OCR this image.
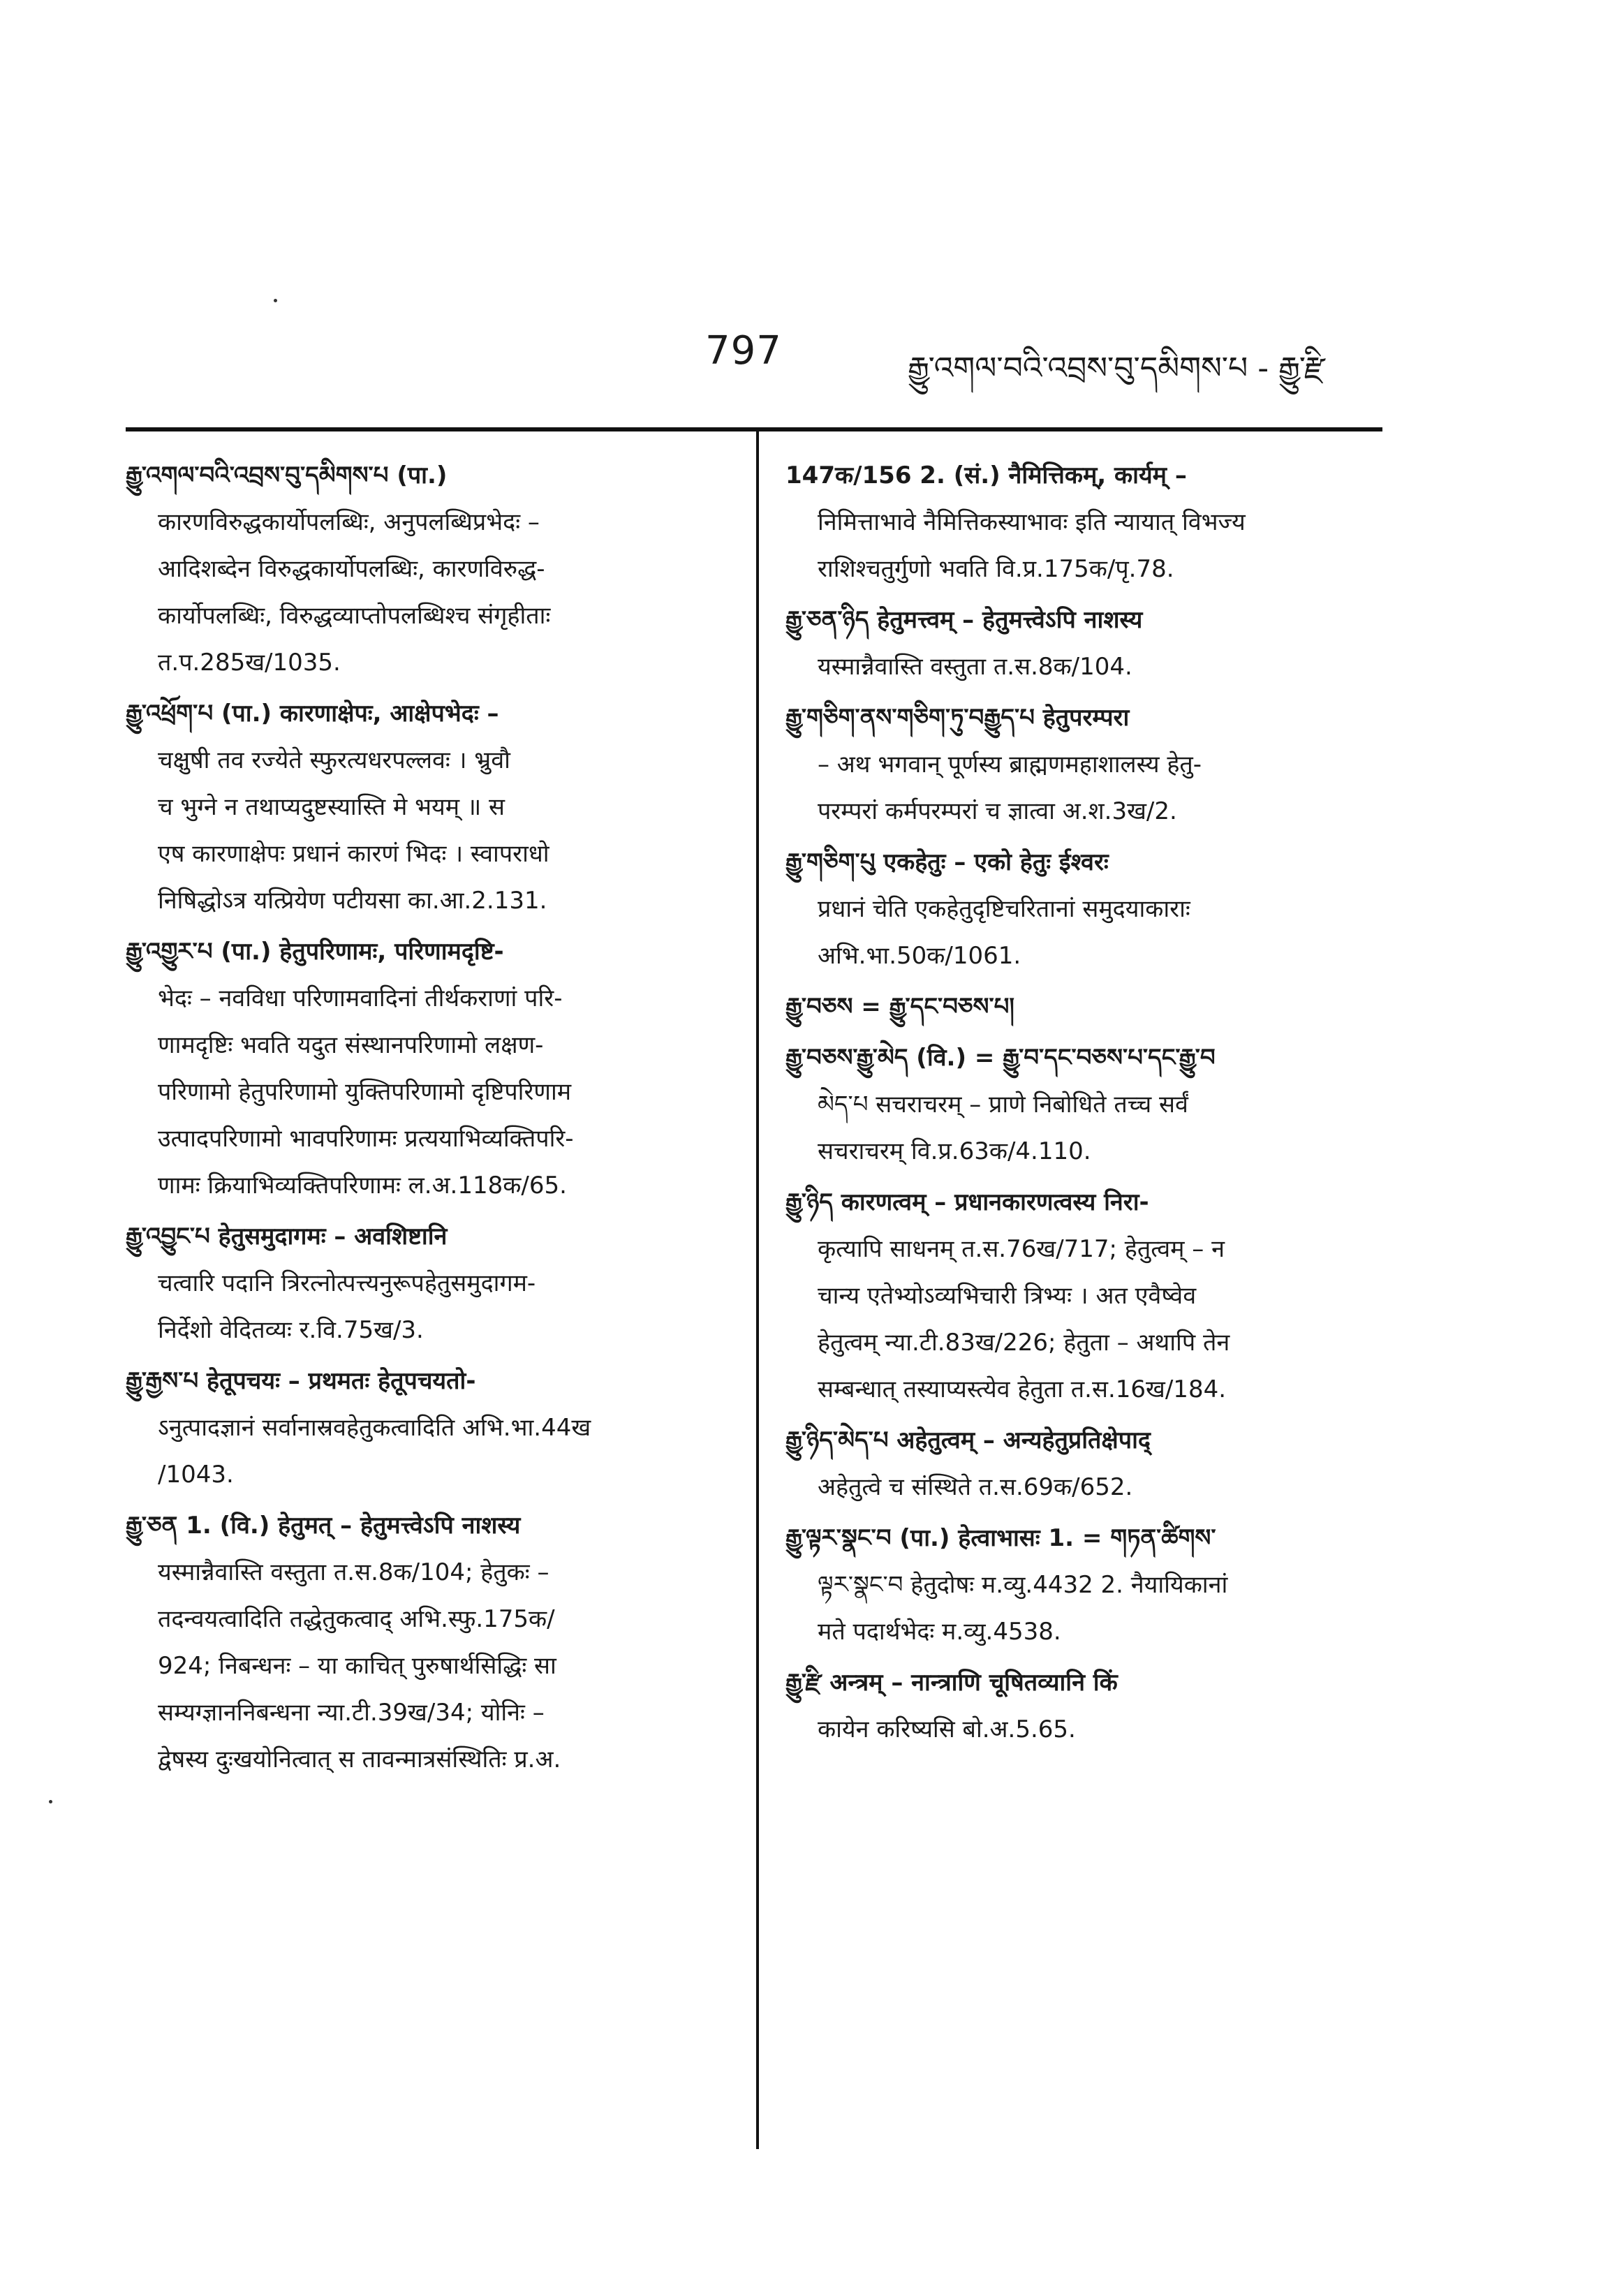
797	རྒྱུ་འགལ་བའི་འབྲས་བུ་དམིགས་པ - རྒྱུ་རྫི
རྒྱུ་འགལ་བའི་འབྲས་བུ་དམིགས་པ (पा.)
कारणविरुद्धकार्योपलब्धिः, अनुपलब्धिप्रभेदः –
आदिशब्देन विरुद्धकार्योपलब्धिः, कारणविरुद्ध-
कार्योपलब्धिः, विरुद्धव्याप्तोपलब्धिश्च संगृहीताः
त.प.285ख/1035.
རྒྱུ་འཕྲོག་པ (पा.) कारणाक्षेपः, आक्षेपभेदः –
चक्षुषी तव रज्येते स्फुरत्यधरपल्लवः । भ्रुवौ
च भुग्ने न तथाप्यदुष्टस्यास्ति मे भयम् ॥ स
एष कारणाक्षेपः प्रधानं कारणं भिदः । स्वापराधो
निषिद्धोऽत्र यत्प्रियेण पटीयसा का.आ.2.131.
རྒྱུ་འགྱུར་པ (पा.) हेतुपरिणामः, परिणामदृष्टि-
भेदः – नवविधा परिणामवादिनां तीर्थकराणां परि-
णामदृष्टिः भवति यदुत संस्थानपरिणामो लक्षण-
परिणामो हेतुपरिणामो युक्तिपरिणामो दृष्टिपरिणाम
उत्पादपरिणामो भावपरिणामः प्रत्ययाभिव्यक्तिपरि-
णामः क्रियाभिव्यक्तिपरिणामः ल.अ.118क/65.
རྒྱུ་འབྱུང་པ हेतुसमुदागमः – अवशिष्टानि
चत्वारि पदानि त्रिरत्नोत्पत्त्यनुरूपहेतुसमुदागम-
निर्देशो वेदितव्यः र.वि.75ख/3.
རྒྱུ་རྒྱས་པ हेतूपचयः – प्रथमतः हेतूपचयतो-
ऽनुत्पादज्ञानं सर्वानास्रवहेतुकत्वादिति अभि.भा.44ख
/1043.
རྒྱུ་ཅན 1. (वि.) हेतुमत् – हेतुमत्त्वेऽपि नाशस्य
यस्मान्नैवास्ति वस्तुता त.स.8क/104; हेतुकः –
तदन्वयत्वादिति तद्धेतुकत्वाद् अभि.स्फु.175क/
924; निबन्धनः – या काचित् पुरुषार्थसिद्धिः सा
सम्यग्ज्ञाननिबन्धना न्या.टी.39ख/34; योनिः –
द्वेषस्य दुःखयोनित्वात् स तावन्मात्रसंस्थितिः प्र.अ.
147क/156 2. (सं.) नैमित्तिकम्, कार्यम् –
निमित्ताभावे नैमित्तिकस्याभावः इति न्यायात् विभज्य
राशिश्चतुर्गुणो भवति वि.प्र.175क/पृ.78.
རྒྱུ་ཅན་ཉིད हेतुमत्त्वम् – हेतुमत्त्वेऽपि नाशस्य
यस्मान्नैवास्ति वस्तुता त.स.8क/104.
རྒྱུ་གཅིག་ནས་གཅིག་ཏུ་བརྒྱུད་པ हेतुपरम्परा
– अथ भगवान् पूर्णस्य ब्राह्मणमहाशालस्य हेतु-
परम्परां कर्मपरम्परां च ज्ञात्वा अ.श.3ख/2.
རྒྱུ་གཅིག་པུ एकहेतुः – एको हेतुः ईश्वरः
प्रधानं चेति एकहेतुदृष्टिचरितानां समुदयाकाराः
अभि.भा.50क/1061.
རྒྱུ་བཅས = རྒྱུ་དང་བཅས་པ།
རྒྱུ་བཅས་རྒྱུ་མེད (वि.) = རྒྱུ་བ་དང་བཅས་པ་དང་རྒྱུ་བ
མེད་པ सचराचरम् – प्राणे निबोधिते तच्च सर्वं
सचराचरम् वि.प्र.63क/4.110.
རྒྱུ་ཉིད कारणत्वम् – प्रधानकारणत्वस्य निरा-
कृत्यापि साधनम् त.स.76ख/717; हेतुत्वम् – न
चान्य एतेभ्योऽव्यभिचारी त्रिभ्यः । अत एवैष्वेव
हेतुत्वम् न्या.टी.83ख/226; हेतुता – अथापि तेन
सम्बन्धात् तस्याप्यस्त्येव हेतुता त.स.16ख/184.
རྒྱུ་ཉིད་མེད་པ अहेतुत्वम् – अन्यहेतुप्रतिक्षेपाद्
अहेतुत्वे च संस्थिते त.स.69क/652.
རྒྱུ་ལྟར་སྣང་བ (पा.) हेत्वाभासः 1. = གཏན་ཚིགས་
ལྟར་སྣང་བ हेतुदोषः म.व्यु.4432 2. नैयायिकानां
मते पदार्थभेदः म.व्यु.4538.
རྒྱུ་རྫི अन्त्रम् – नान्त्राणि चूषितव्यानि किं
कायेन करिष्यसि बो.अ.5.65.
